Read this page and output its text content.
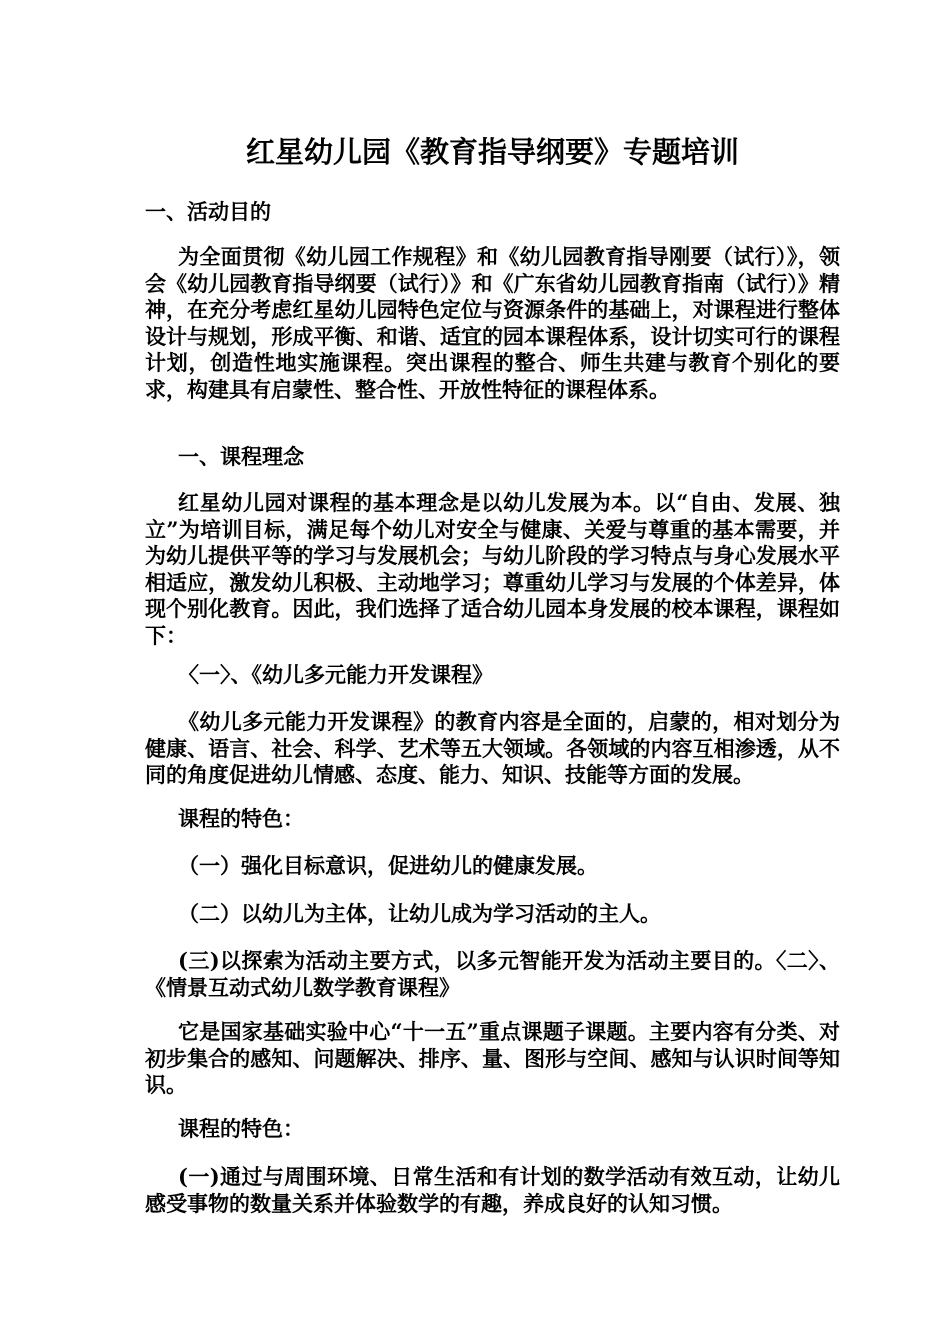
红星幼儿园《教育指导纲要》专题培训

一、活动目的

为全面贯彻《幼儿园工作规程》和《幼儿园教育指导刚要（试行）》，领会《幼儿园教育指导纲要（试行）》和《广东省幼儿园教育指南（试行）》精神，在充分考虑红星幼儿园特色定位与资源条件的基础上，对课程进行整体设计与规划，形成平衡、和谐、适宜的园本课程体系，设计切实可行的课程计划，创造性地实施课程。突出课程的整合、师生共建与教育个别化的要求，构建具有启蒙性、整合性、开放性特征的课程体系。

一、课程理念

红星幼儿园对课程的基本理念是以幼儿发展为本。以“自由、发展、独立”为培训目标，满足每个幼儿对安全与健康、关爱与尊重的基本需要，并为幼儿提供平等的学习与发展机会；与幼儿阶段的学习特点与身心发展水平相适应，激发幼儿积极、主动地学习；尊重幼儿学习与发展的个体差异，体现个别化教育。因此，我们选择了适合幼儿园本身发展的校本课程，课程如下：

〈一〉、《幼儿多元能力开发课程》

《幼儿多元能力开发课程》的教育内容是全面的，启蒙的，相对划分为健康、语言、社会、科学、艺术等五大领域。各领域的内容互相渗透，从不同的角度促进幼儿情感、态度、能力、知识、技能等方面的发展。

课程的特色：

（一）强化目标意识，促进幼儿的健康发展。

（二）以幼儿为主体，让幼儿成为学习活动的主人。

(三)以探索为活动主要方式，以多元智能开发为活动主要目的。〈二〉、《情景互动式幼儿数学教育课程》

它是国家基础实验中心“十一五”重点课题子课题。主要内容有分类、对初步集合的感知、问题解决、排序、量、图形与空间、感知与认识时间等知识。

课程的特色：

(一)通过与周围环境、日常生活和有计划的数学活动有效互动，让幼儿感受事物的数量关系并体验数学的有趣，养成良好的认知习惯。
